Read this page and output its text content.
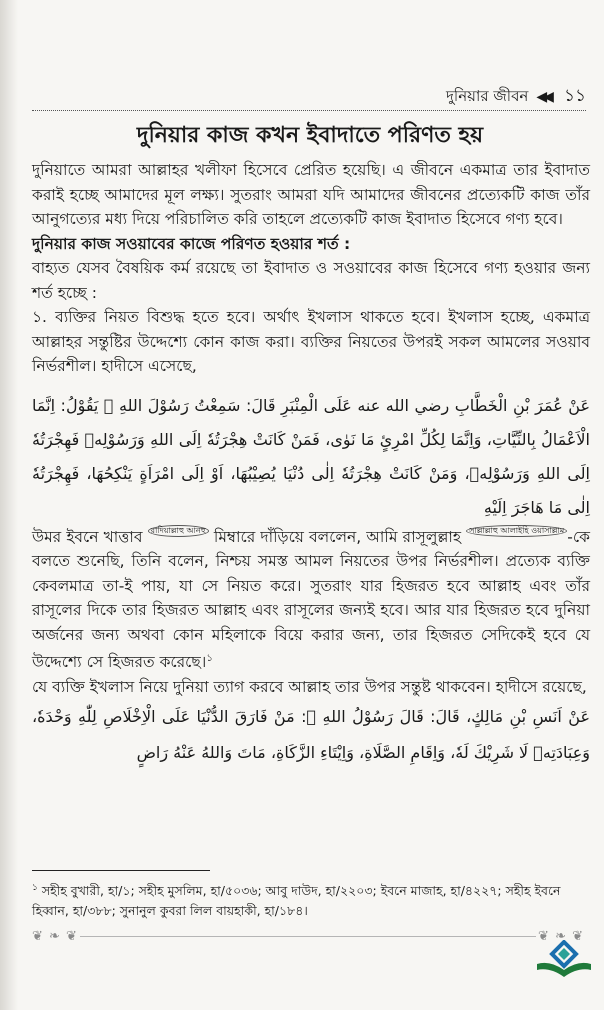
দুনিয়ার জীবন ◀◀ ১১
দুনিয়ার কাজ কখন ইবাদাতে পরিণত হয়

দুনিয়াতে আমরা আল্লাহর খলীফা হিসেবে প্রেরিত হয়েছি। এ জীবনে একমাত্র তার ইবাদাত করাই হচ্ছে আমাদের মূল লক্ষ্য। সুতরাং আমরা যদি আমাদের জীবনের প্রত্যেকটি কাজ তাঁর আনুগত্যের মধ্য দিয়ে পরিচালিত করি তাহলে প্রত্যেকটি কাজ ইবাদাত হিসেবে গণ্য হবে।

দুনিয়ার কাজ সওয়াবের কাজে পরিণত হওয়ার শর্ত :

বাহ্যত যেসব বৈষয়িক কর্ম রয়েছে তা ইবাদাত ও সওয়াবের কাজ হিসেবে গণ্য হওয়ার জন্য শর্ত হচ্ছে :

১. ব্যক্তির নিয়ত বিশুদ্ধ হতে হবে। অর্থাৎ ইখলাস থাকতে হবে। ইখলাস হচ্ছে, একমাত্র আল্লাহর সন্তুষ্টির উদ্দেশ্যে কোন কাজ করা। ব্যক্তির নিয়তের উপরই সকল আমলের সওয়াব নির্ভরশীল। হাদীসে এসেছে,

عَنْ عُمَرَ بْنِ الْخَطَّابِ رضي الله عنه عَلَى الْمِنْبَرِ قَالَ: سَمِعْتُ رَسُوْلَ اللهِ ﷺ يَقُوْلُ: اِنَّمَا الْاَعْمَالُ بِالنِّيَّاتِ، وَاِنَّمَا لِكُلِّ امْرِئٍ مَا نَوٰى، فَمَنْ كَانَتْ هِجْرَتُهٗ اِلَى اللهِ وَرَسُوْلِهٖ فَهِجْرَتُهٗ اِلَى اللهِ وَرَسُوْلِهٖ، وَمَنْ كَانَتْ هِجْرَتُهٗ اِلٰى دُنْيَا يُصِيْبُهَا، اَوْ اِلَى امْرَاَةٍ يَنْكِحُهَا، فَهِجْرَتُهٗ اِلٰى مَا هَاجَرَ اِلَيْهِ

উমর ইবনে খাত্তাব রাদিয়াল্লাহু আনহু মিম্বারে দাঁড়িয়ে বললেন, আমি রাসূলুল্লাহ সাল্লাল্লাহু আলাইহি ওয়াসাল্লাম -কে বলতে শুনেছি, তিনি বলেন, নিশ্চয় সমস্ত আমল নিয়তের উপর নির্ভরশীল। প্রত্যেক ব্যক্তি কেবলমাত্র তা-ই পায়, যা সে নিয়ত করে। সুতরাং যার হিজরত হবে আল্লাহ এবং তাঁর রাসূলের দিকে তার হিজরত আল্লাহ এবং রাসূলের জন্যই হবে। আর যার হিজরত হবে দুনিয়া অর্জনের জন্য অথবা কোন মহিলাকে বিয়ে করার জন্য, তার হিজরত সেদিকেই হবে যে উদ্দেশ্যে সে হিজরত করেছে।$^১$

যে ব্যক্তি ইখলাস নিয়ে দুনিয়া ত্যাগ করবে আল্লাহ তার উপর সন্তুষ্ট থাকবেন। হাদীসে রয়েছে,

عَنْ اَنَسِ بْنِ مَالِكٍ، قَالَ: قَالَ رَسُوْلُ اللهِ ﷺ: مَنْ فَارَقَ الدُّنْيَا عَلَى الْاِخْلَاصِ لِلّٰهِ وَحْدَهٗ، وَعِبَادَتِهٖ لَا شَرِيْكَ لَهٗ، وَاِقَامِ الصَّلَاةِ، وَاِيْتَاءِ الزَّكَاةِ، مَاتَ وَاللهُ عَنْهُ رَاضٍ

$^১$ সহীহ বুখারী, হা/১; সহীহ মুসলিম, হা/৫০৩৬; আবু দাউদ, হা/২২০৩; ইবনে মাজাহ, হা/৪২২৭; সহীহ ইবনে হিব্বান, হা/৩৮৮; সুনানুল কুবরা লিল বায়হাকী, হা/১৮৪।

❦ ❧ ❦	❦ ❧ ❦
